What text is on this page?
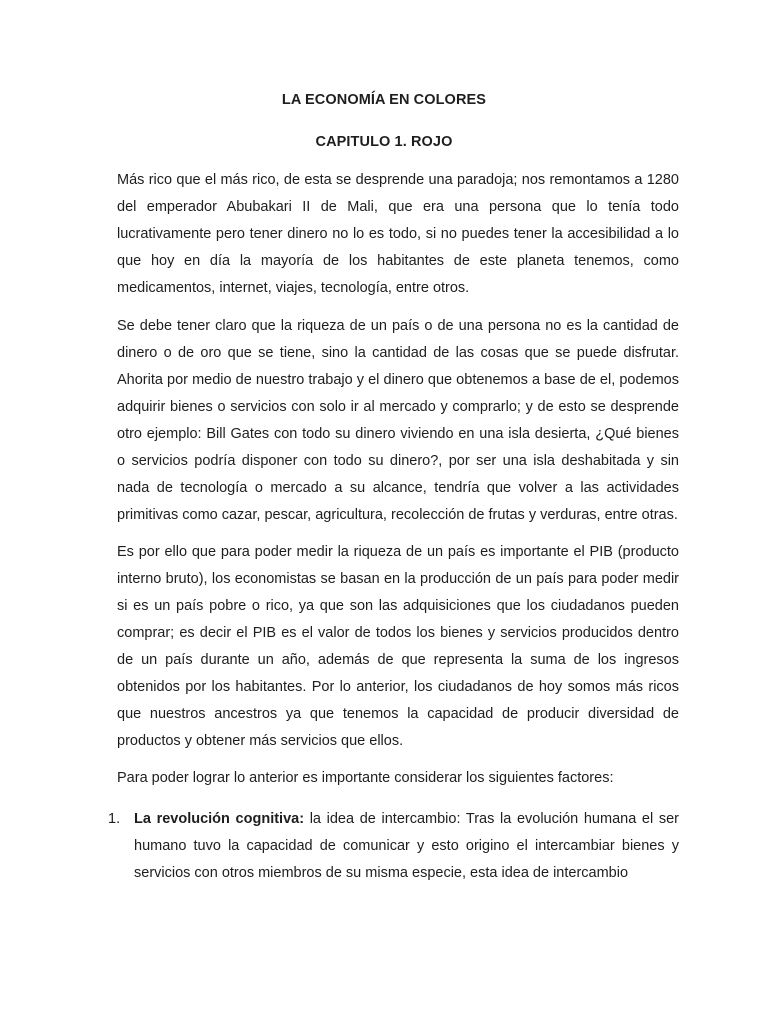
LA ECONOMÍA EN COLORES
CAPITULO 1. ROJO

Más rico que el más rico, de esta se desprende una paradoja; nos remontamos a 1280 del emperador Abubakari II de Mali, que era una persona que lo tenía todo lucrativamente pero tener dinero no lo es todo, si no puedes tener la accesibilidad a lo que hoy en día la mayoría de los habitantes de este planeta tenemos, como medicamentos, internet, viajes, tecnología, entre otros.

Se debe tener claro que la riqueza de un país o de una persona no es la cantidad de dinero o de oro que se tiene, sino la cantidad de las cosas que se puede disfrutar. Ahorita por medio de nuestro trabajo y el dinero que obtenemos a base de el, podemos adquirir bienes o servicios con solo ir al mercado y comprarlo; y de esto se desprende otro ejemplo: Bill Gates con todo su dinero viviendo en una isla desierta, ¿Qué bienes o servicios podría disponer con todo su dinero?, por ser una isla deshabitada y sin nada de tecnología o mercado a su alcance, tendría que volver a las actividades primitivas como cazar, pescar, agricultura, recolección de frutas y verduras, entre otras.

Es por ello que para poder medir la riqueza de un país es importante el PIB (producto interno bruto), los economistas se basan en la producción de un país para poder medir si es un país pobre o rico, ya que son las adquisiciones que los ciudadanos pueden comprar; es decir el PIB es el valor de todos los bienes y servicios producidos dentro de un país durante un año, además de que representa la suma de los ingresos obtenidos por los habitantes. Por lo anterior, los ciudadanos de hoy somos más ricos que nuestros ancestros ya que tenemos la capacidad de producir diversidad de productos y obtener más servicios que ellos.

Para poder lograr lo anterior es importante considerar los siguientes factores:

1. La revolución cognitiva: la idea de intercambio: Tras la evolución humana el ser humano tuvo la capacidad de comunicar y esto origino el intercambiar bienes y servicios con otros miembros de su misma especie, esta idea de intercambio
